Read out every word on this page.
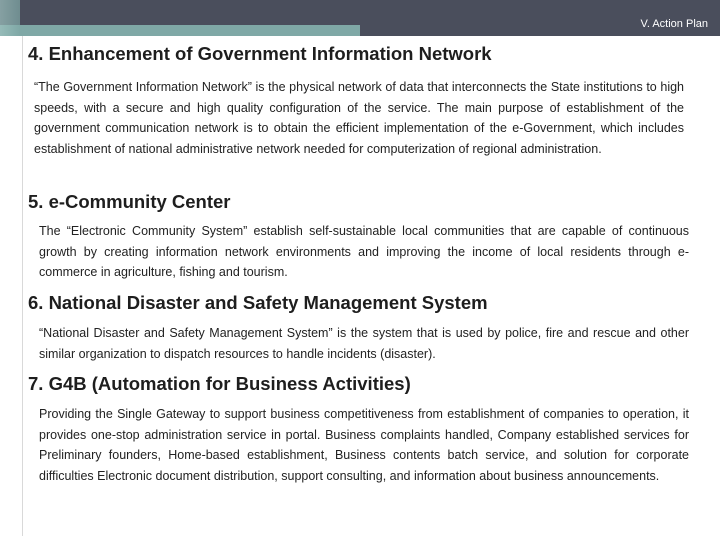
V. Action Plan
4. Enhancement of Government Information Network

“The Government Information Network” is the physical network of data that interconnects the State institutions to high speeds, with a secure and high quality configuration of the service. The main purpose of establishment of the government communication network is to obtain the efficient implementation of the e-Government, which includes establishment of national administrative network needed for computerization of regional administration.

5. e-Community Center

The “Electronic Community System” establish self-sustainable local communities that are capable of continuous growth by creating information network environments and improving the income of local residents through e-commerce in agriculture, fishing and tourism.

6. National Disaster and Safety Management System

“National Disaster and Safety Management System” is the system that is used by police, fire and rescue and other similar organization to dispatch resources to handle incidents (disaster).

7. G4B (Automation for Business Activities)

Providing the Single Gateway to support business competitiveness from establishment of companies to operation, it provides one-stop administration service in portal. Business complaints handled, Company established services for Preliminary founders, Home-based establishment, Business contents batch service, and solution for corporate difficulties Electronic document distribution, support consulting, and information about business announcements.
